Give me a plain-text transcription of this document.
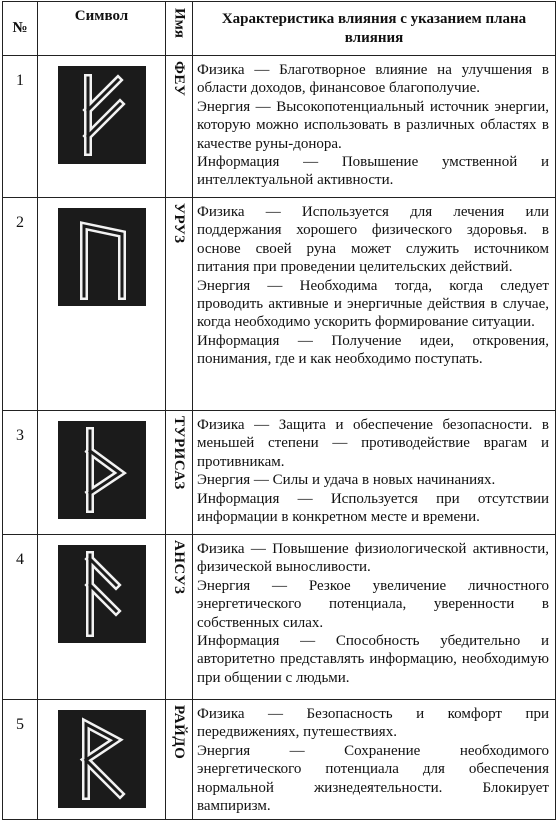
№	Символ	Имя	Характеристика влияния с указанием плана влияния
1		ФЕУ	Физика — Благотворное влияние на улучшения в области доходов, финансовое благополучие.

Энергия — Высокопотенциальный источник энергии, которую можно использовать в различных областях в качестве руны-донора.

Информация — Повышение умственной и интеллектуальной активности.

2		УРУЗ	Физика — Используется для лечения или поддержания хорошего физического здоровья. в основе своей руна может служить источником питания при проведении целительских действий.

Энергия — Необходима тогда, когда следует проводить активные и энергичные действия в случае, когда необходимо ускорить формирование ситуации.

Информация — Получение идеи, откровения, понимания, где и как необходимо поступать.

3		ТУРИСАЗ	Физика — Защита и обеспечение безопасности. в меньшей степени — противодействие врагам и противникам.

Энергия — Силы и удача в новых начинаниях.

Информация — Используется при отсутствии информации в конкретном месте и времени.

4		АНСУЗ	Физика — Повышение физиологической активности, физической выносливости.

Энергия — Резкое увеличение личностного энергетического потенциала, уверенности в собственных силах.

Информация — Способность убедительно и авторитетно представлять информацию, необходимую при общении с людьми.

5		РАЙДО	Физика — Безопасность и комфорт при передвижениях, путешествиях.

Энергия — Сохранение необходимого энергетического потенциала для обеспечения нормальной жизнедеятельности. Блокирует вампиризм.
